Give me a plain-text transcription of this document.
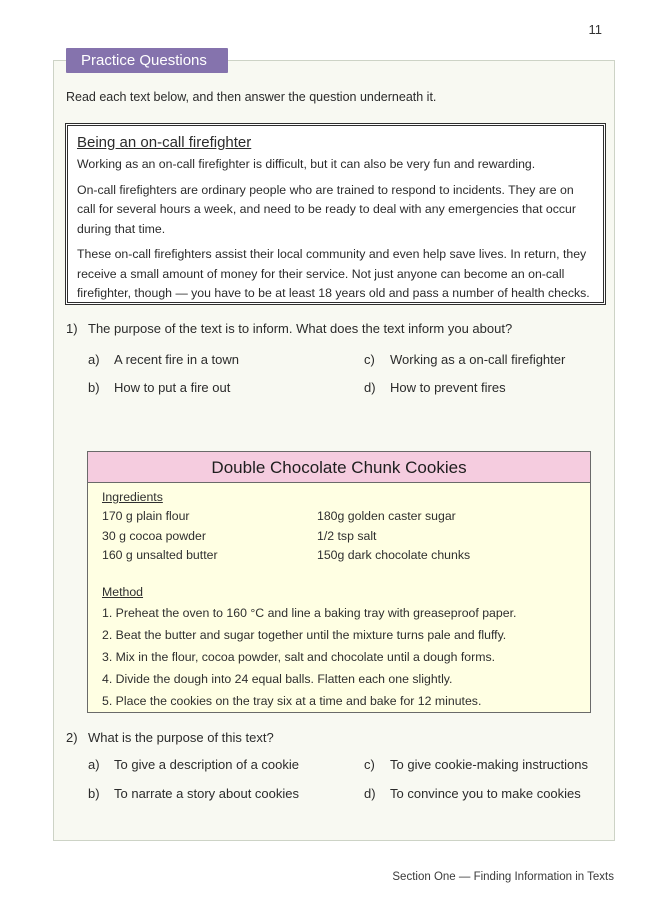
11
Practice Questions
Read each text below, and then answer the question underneath it.
Being an on-call firefighter

Working as an on-call firefighter is difficult, but it can also be very fun and rewarding.

On-call firefighters are ordinary people who are trained to respond to incidents. They are on call for several hours a week, and need to be ready to deal with any emergencies that occur during that time.

These on-call firefighters assist their local community and even help save lives. In return, they receive a small amount of money for their service. Not just anyone can become an on-call firefighter, though — you have to be at least 18 years old and pass a number of health checks.

1) The purpose of the text is to inform. What does the text inform you about?
a) A recent fire in a town
b) How to put a fire out
c) Working as a on-call firefighter
d) How to prevent fires
Double Chocolate Chunk Cookies
Ingredients
170 g plain flour
30 g cocoa powder
160 g unsalted butter
180g golden caster sugar
1/2 tsp salt
150g dark chocolate chunks
Method
1. Preheat the oven to 160 °C and line a baking tray with greaseproof paper.
2. Beat the butter and sugar together until the mixture turns pale and fluffy.
3. Mix in the flour, cocoa powder, salt and chocolate until a dough forms.
4. Divide the dough into 24 equal balls. Flatten each one slightly.
5. Place the cookies on the tray six at a time and bake for 12 minutes.
2) What is the purpose of this text?
a) To give a description of a cookie
b) To narrate a story about cookies
c) To give cookie-making instructions
d) To convince you to make cookies
Section One — Finding Information in Texts
